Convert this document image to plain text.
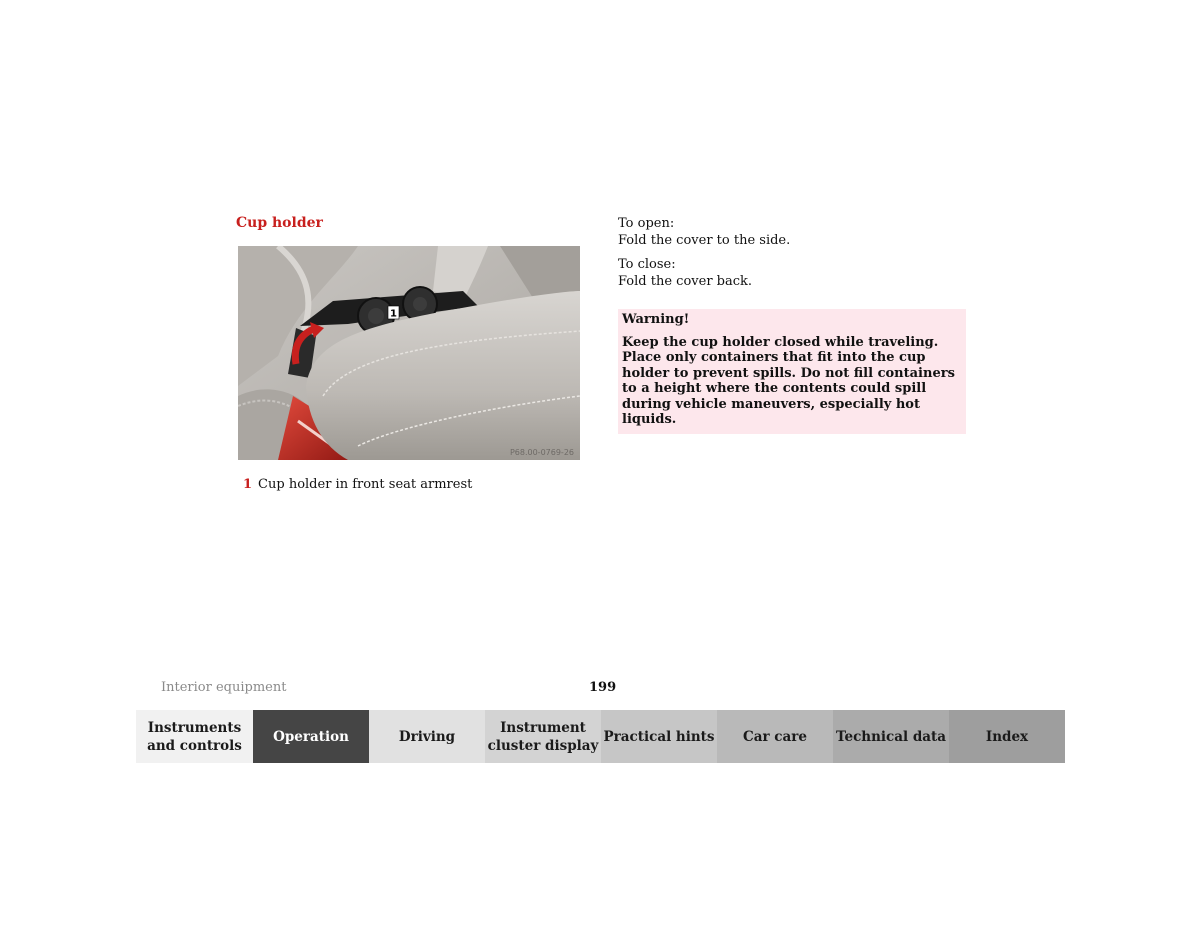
Cup holder
1
P68.00-0769-26
1 Cup holder in front seat armrest

To open:
Fold the cover to the side.

To close:
Fold the cover back.

Warning!
Keep the cup holder closed while traveling. Place only containers that fit into the cup holder to prevent spills. Do not fill containers to a height where the contents could spill during vehicle maneuvers, especially hot liquids.
Interior equipment	199
Instruments and controls
Operation	Driving
Instrument cluster display
Practical hints	Car care	Technical data	Index
